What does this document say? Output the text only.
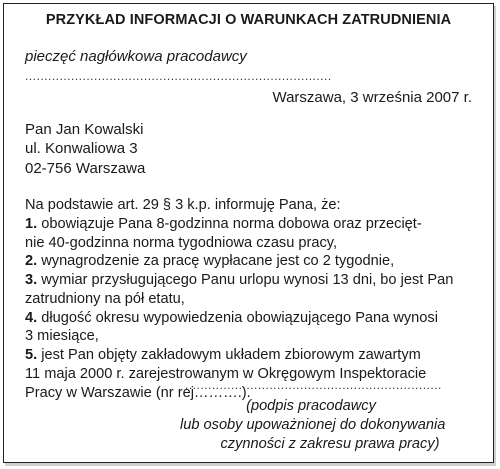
PRZYKŁAD INFORMACJI O WARUNKACH ZATRUDNIENIA
pieczęć nagłówkowa pracodawcy
................................................................................
Warszawa, 3 września 2007 r.
Pan Jan Kowalski
ul. Konwaliowa 3
02-756 Warszawa
Na podstawie art. 29 § 3 k.p. informuję Pana, że:
1. obowiązuje Pana 8-godzinna norma dobowa oraz przecięt-
nie 40-godzinna norma tygodniowa czasu pracy,
2. wynagrodzenie za pracę wypłacane jest co 2 tygodnie,
3. wymiar przysługującego Panu urlopu wynosi 13 dni, bo jest Pan
zatrudniony na pół etatu,
4. długość okresu wypowiedzenia obowiązującego Pana wynosi
3 miesiące,
5. jest Pan objęty zakładowym układem zbiorowym zawartym
11 maja 2000 r. zarejestrowanym w Okręgowym Inspektoracie
Pracy w Warszawie (nr rej……….).
...................................................................
(podpis pracodawcy
lub osoby upoważnionej do dokonywania
czynności z zakresu prawa pracy)
